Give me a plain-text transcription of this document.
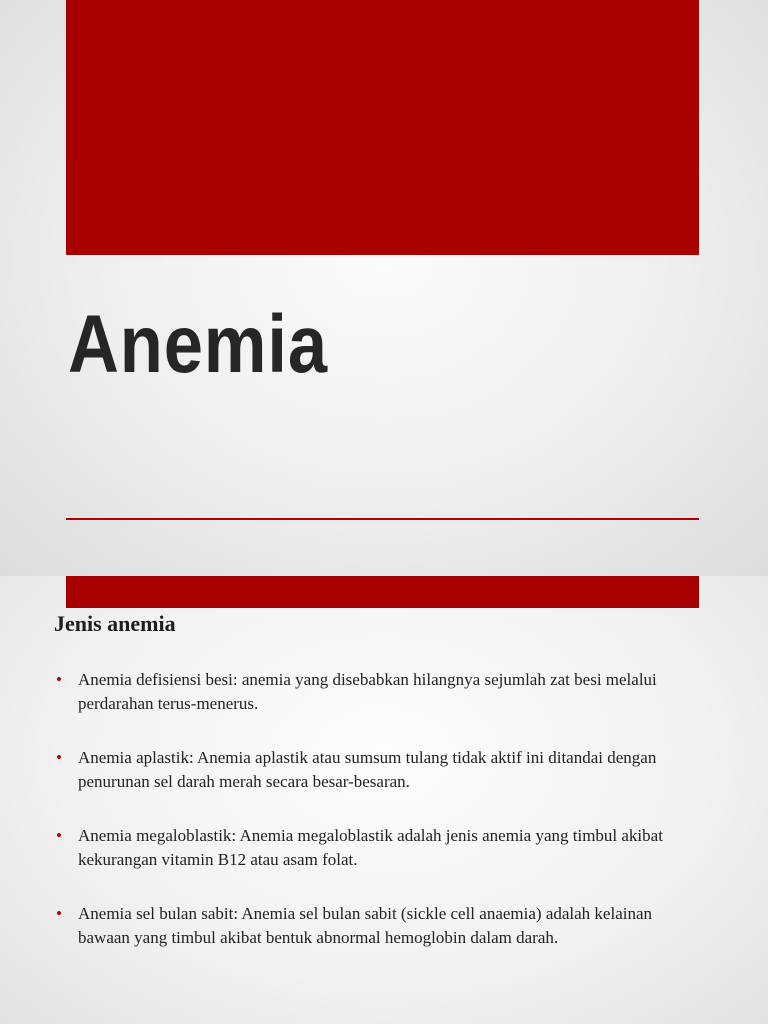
Anemia
Jenis anemia
• Anemia defisiensi besi: anemia yang disebabkan hilangnya sejumlah zat besi melalui perdarahan terus-menerus.
• Anemia aplastik: Anemia aplastik atau sumsum tulang tidak aktif ini ditandai dengan penurunan sel darah merah secara besar-besaran.
• Anemia megaloblastik: Anemia megaloblastik adalah jenis anemia yang timbul akibat kekurangan vitamin B12 atau asam folat.
• Anemia sel bulan sabit: Anemia sel bulan sabit (sickle cell anaemia) adalah kelainan bawaan yang timbul akibat bentuk abnormal hemoglobin dalam darah.
